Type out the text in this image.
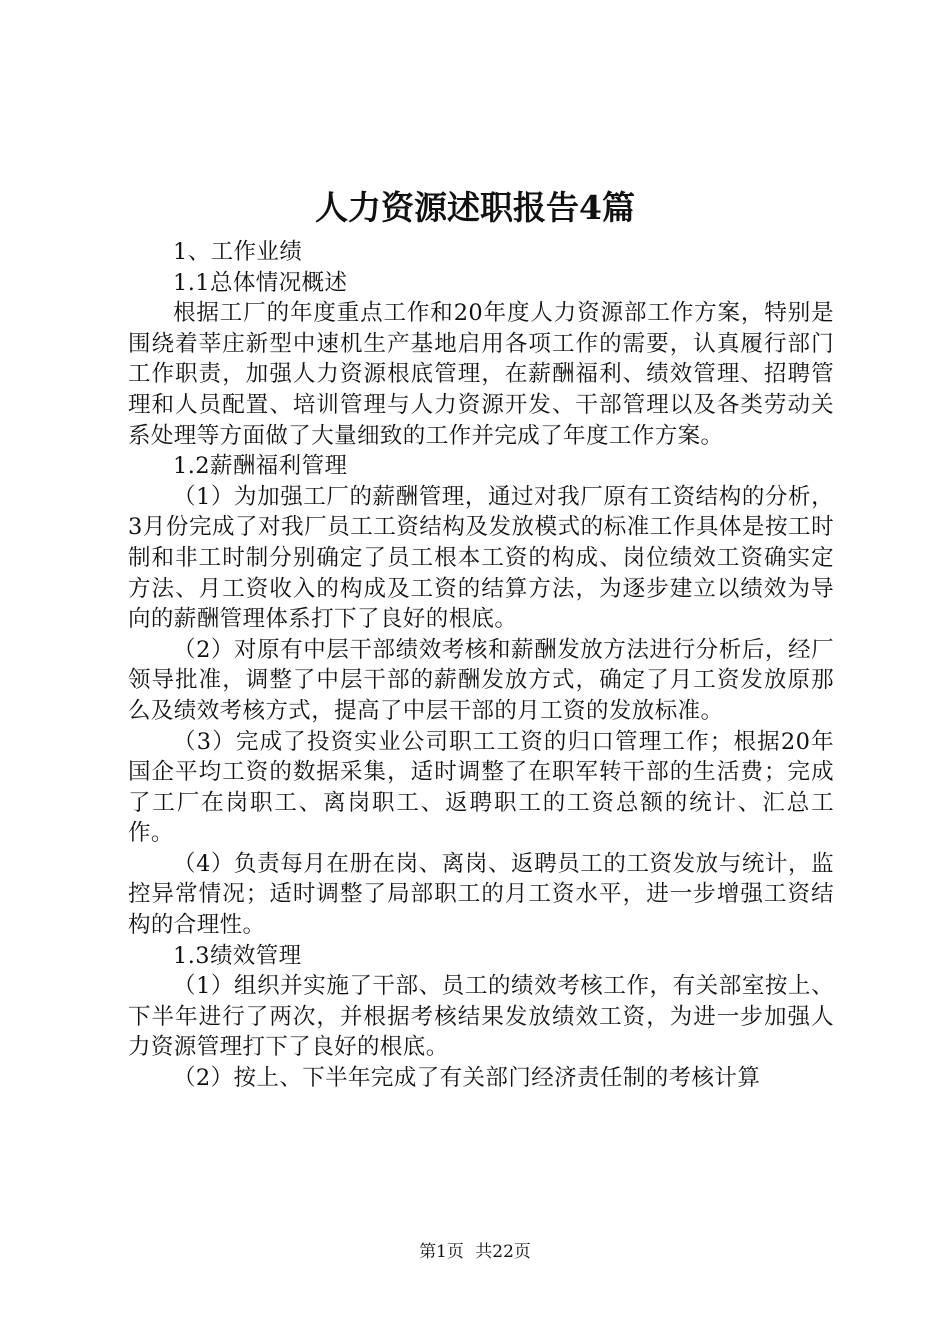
人力资源述职报告4篇

1、工作业绩

1.1总体情况概述

根据工厂的年度重点工作和20年度人力资源部工作方案，特别是围绕着莘庄新型中速机生产基地启用各项工作的需要，认真履行部门工作职责，加强人力资源根底管理，在薪酬福利、绩效管理、招聘管理和人员配置、培训管理与人力资源开发、干部管理以及各类劳动关系处理等方面做了大量细致的工作并完成了年度工作方案。

1.2薪酬福利管理

（1）为加强工厂的薪酬管理，通过对我厂原有工资结构的分析，3月份完成了对我厂员工工资结构及发放模式的标准工作具体是按工时制和非工时制分别确定了员工根本工资的构成、岗位绩效工资确实定方法、月工资收入的构成及工资的结算方法，为逐步建立以绩效为导向的薪酬管理体系打下了良好的根底。

（2）对原有中层干部绩效考核和薪酬发放方法进行分析后，经厂领导批准，调整了中层干部的薪酬发放方式，确定了月工资发放原那么及绩效考核方式，提高了中层干部的月工资的发放标准。

（3）完成了投资实业公司职工工资的归口管理工作；根据20年国企平均工资的数据采集，适时调整了在职军转干部的生活费；完成了工厂在岗职工、离岗职工、返聘职工的工资总额的统计、汇总工作。

（4）负责每月在册在岗、离岗、返聘员工的工资发放与统计，监控异常情况；适时调整了局部职工的月工资水平，进一步增强工资结构的合理性。

1.3绩效管理

（1）组织并实施了干部、员工的绩效考核工作，有关部室按上、下半年进行了两次，并根据考核结果发放绩效工资，为进一步加强人力资源管理打下了良好的根底。

（2）按上、下半年完成了有关部门经济责任制的考核计算

第1页 共22页
